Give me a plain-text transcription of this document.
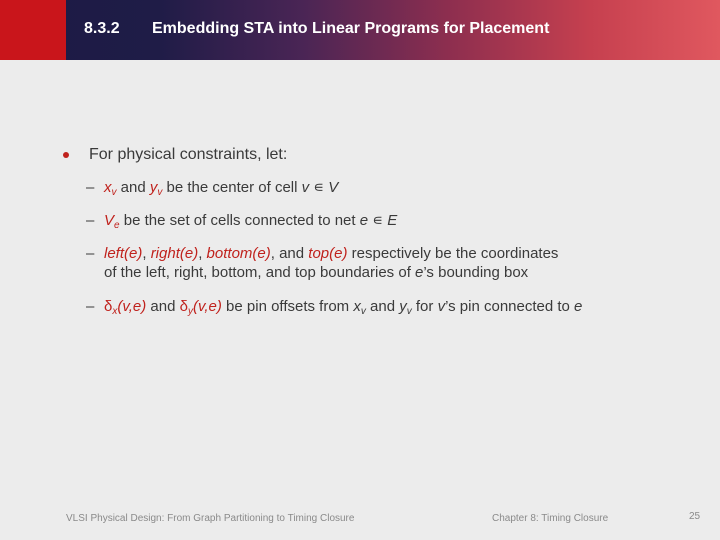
8.3.2 Embedding STA into Linear Programs for Placement
For physical constraints, let:
– $x_v$ and $y_v$ be the center of cell v ∊ V
– $V_e$ be the set of cells connected to net e ∊ E
– left(e), right(e), bottom(e), and top(e) respectively be the coordinates
of the left, right, bottom, and top boundaries of e’s bounding box
– $\delta_x(v,e)$ and $\delta_y(v,e)$ be pin offsets from $x_v$ and $y_v$ for v’s pin connected to e
VLSI Physical Design: From Graph Partitioning to Timing Closure	Chapter 8: Timing Closure	25
